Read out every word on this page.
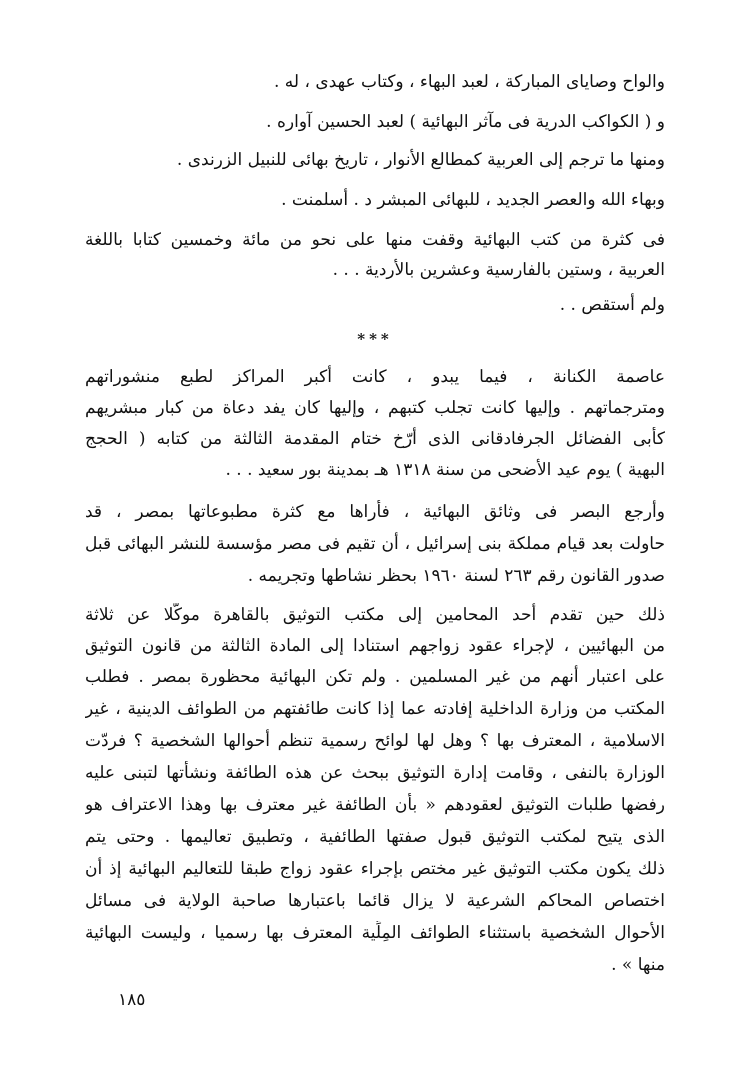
والواح وصاياى المباركة ، لعبد البهاء ، وكتاب عهدى ، له .
و ( الكواكب الدرية فى مآثر البهائية ) لعبد الحسين آواره .
ومنها ما ترجم إلى العربية كمطالع الأنوار ، تاريخ بهائى للنبيل الزرندى .
وبهاء الله والعصر الجديد ، للبهائى المبشر د . أسلمنت .
فى كثرة من كتب البهائية وقفت منها على نحو من مائة وخمسين كتابا باللغة
العربية ، وستين بالفارسية وعشرين بالأردية . . .
ولم أستقص . .
***
عاصمة الكنانة ، فيما يبدو ، كانت أكبر المراكز لطبع منشوراتهم
ومترجماتهم . وإليها كانت تجلب كتبهم ، وإليها كان يفد دعاة من كبار مبشريهم
كأبى الفضائل الجرفادقانى الذى أرّخ ختام المقدمة الثالثة من كتابه ( الحجج
البهية ) يوم عيد الأضحى من سنة ١٣١٨ هـ بمدينة بور سعيد . . .
وأرجع البصر فى وثائق البهائية ، فأراها مع كثرة مطبوعاتها بمصر ، قد
حاولت بعد قيام مملكة بنى إسرائيل ، أن تقيم فى مصر مؤسسة للنشر البهائى قبل
صدور القانون رقم ٢٦٣ لسنة ١٩٦٠ بحظر نشاطها وتجريمه .
ذلك حين تقدم أحد المحامين إلى مكتب التوثيق بالقاهرة موكّلا عن ثلاثة
من البهائيين ، لإجراء عقود زواجهم استنادا إلى المادة الثالثة من قانون التوثيق
على اعتبار أنهم من غير المسلمين . ولم تكن البهائية محظورة بمصر . فطلب
المكتب من وزارة الداخلية إفادته عما إذا كانت طائفتهم من الطوائف الدينية ، غير
الاسلامية ، المعترف بها ؟ وهل لها لوائح رسمية تنظم أحوالها الشخصية ؟ فردّت
الوزارة بالنفى ، وقامت إدارة التوثيق ببحث عن هذه الطائفة ونشأتها لتبنى عليه
رفضها طلبات التوثيق لعقودهم « بأن الطائفة غير معترف بها وهذا الاعتراف هو
الذى يتيح لمكتب التوثيق قبول صفتها الطائفية ، وتطبيق تعاليمها . وحتى يتم
ذلك يكون مكتب التوثيق غير مختص بإجراء عقود زواج طبقا للتعاليم البهائية إذ أن
اختصاص المحاكم الشرعية لا يزال قائما باعتبارها صاحبة الولاية فى مسائل
الأحوال الشخصية باستثناء الطوائف المِلِّية المعترف بها رسميا ، وليست البهائية
منها » .
١٨٥
